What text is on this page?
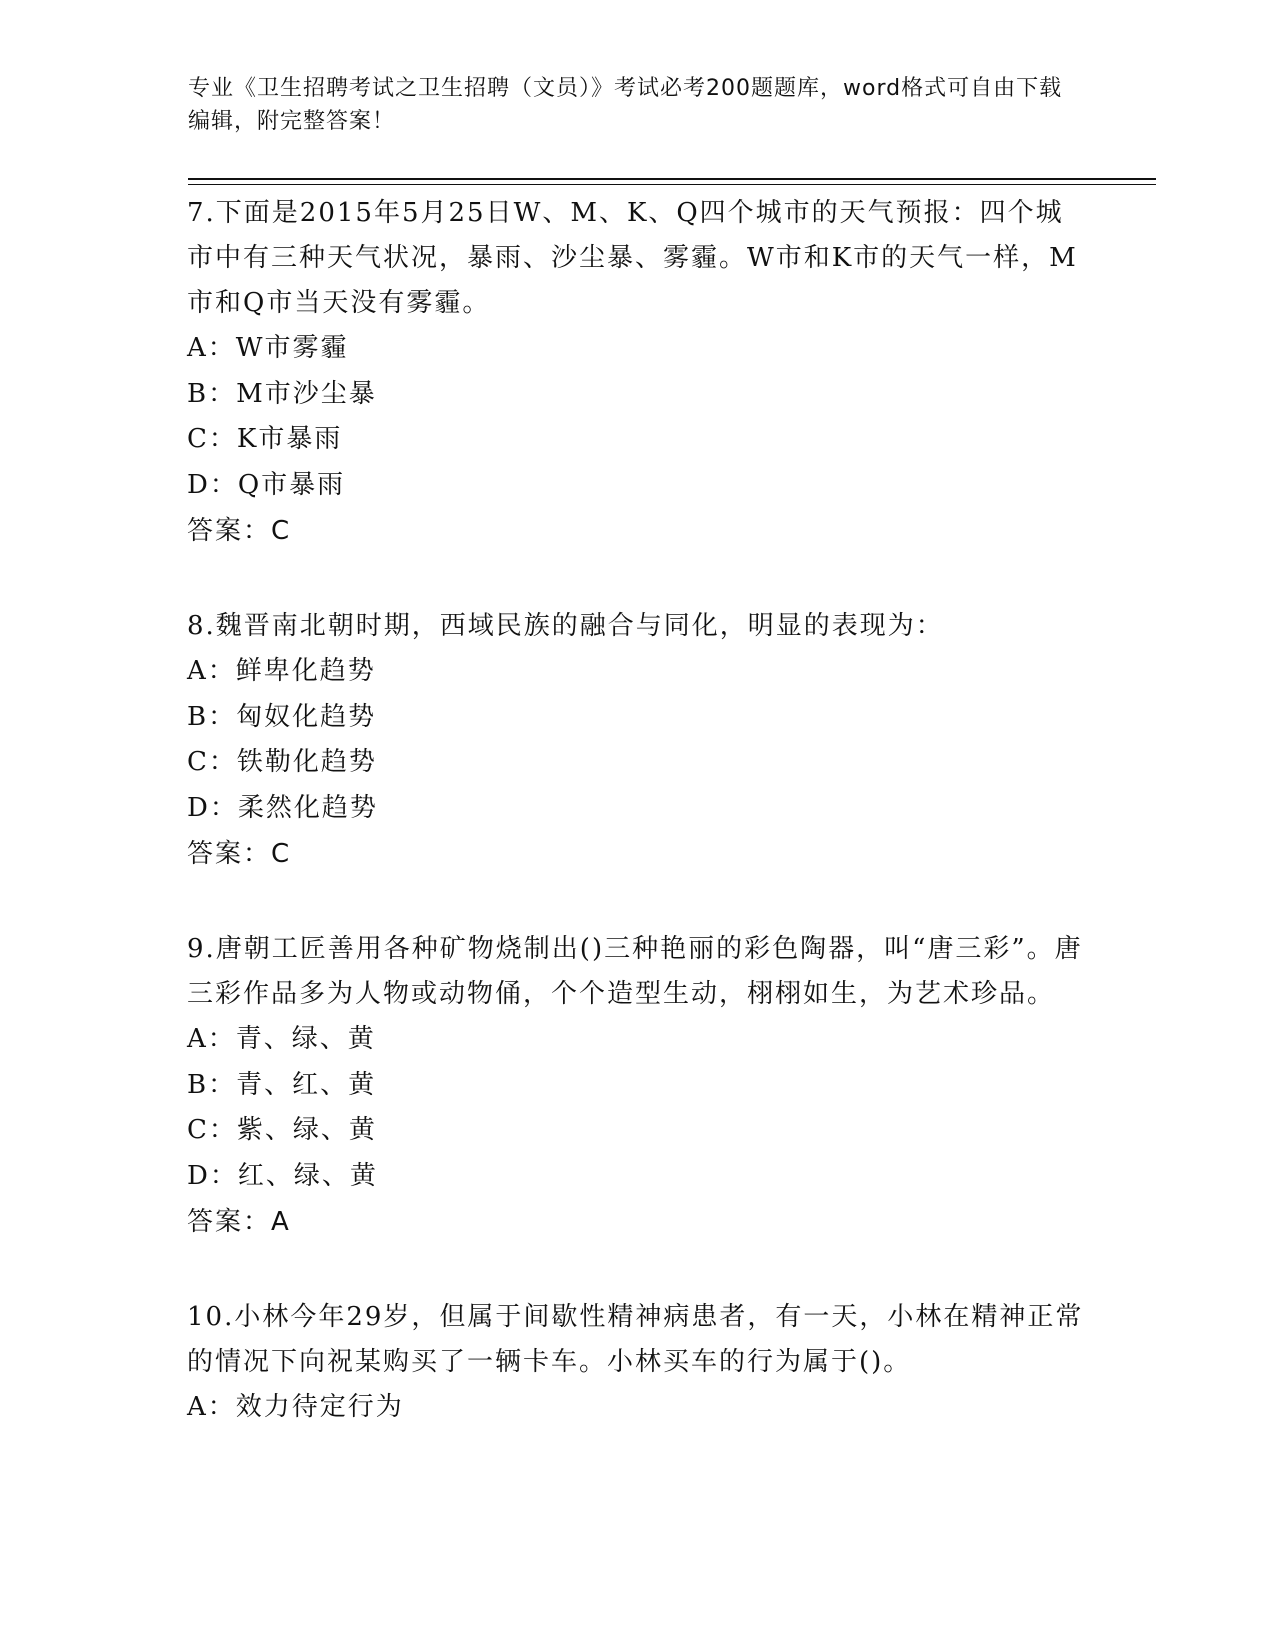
专业《卫生招聘考试之卫生招聘（文员）》考试必考200题题库，word格式可自由下载编辑，附完整答案！

7.下面是2015年5月25日W、M、K、Q四个城市的天气预报：四个城市中有三种天气状况，暴雨、沙尘暴、雾霾。W市和K市的天气一样，M市和Q市当天没有雾霾。

A：W市雾霾

B：M市沙尘暴

C：K市暴雨

D：Q市暴雨

答案：C

8.魏晋南北朝时期，西域民族的融合与同化，明显的表现为：

A：鲜卑化趋势

B：匈奴化趋势

C：铁勒化趋势

D：柔然化趋势

答案：C

9.唐朝工匠善用各种矿物烧制出()三种艳丽的彩色陶器，叫“唐三彩”。唐三彩作品多为人物或动物俑，个个造型生动，栩栩如生，为艺术珍品。

A：青、绿、黄

B：青、红、黄

C：紫、绿、黄

D：红、绿、黄

答案：A

10.小林今年29岁，但属于间歇性精神病患者，有一天，小林在精神正常的情况下向祝某购买了一辆卡车。小林买车的行为属于()。

A：效力待定行为
